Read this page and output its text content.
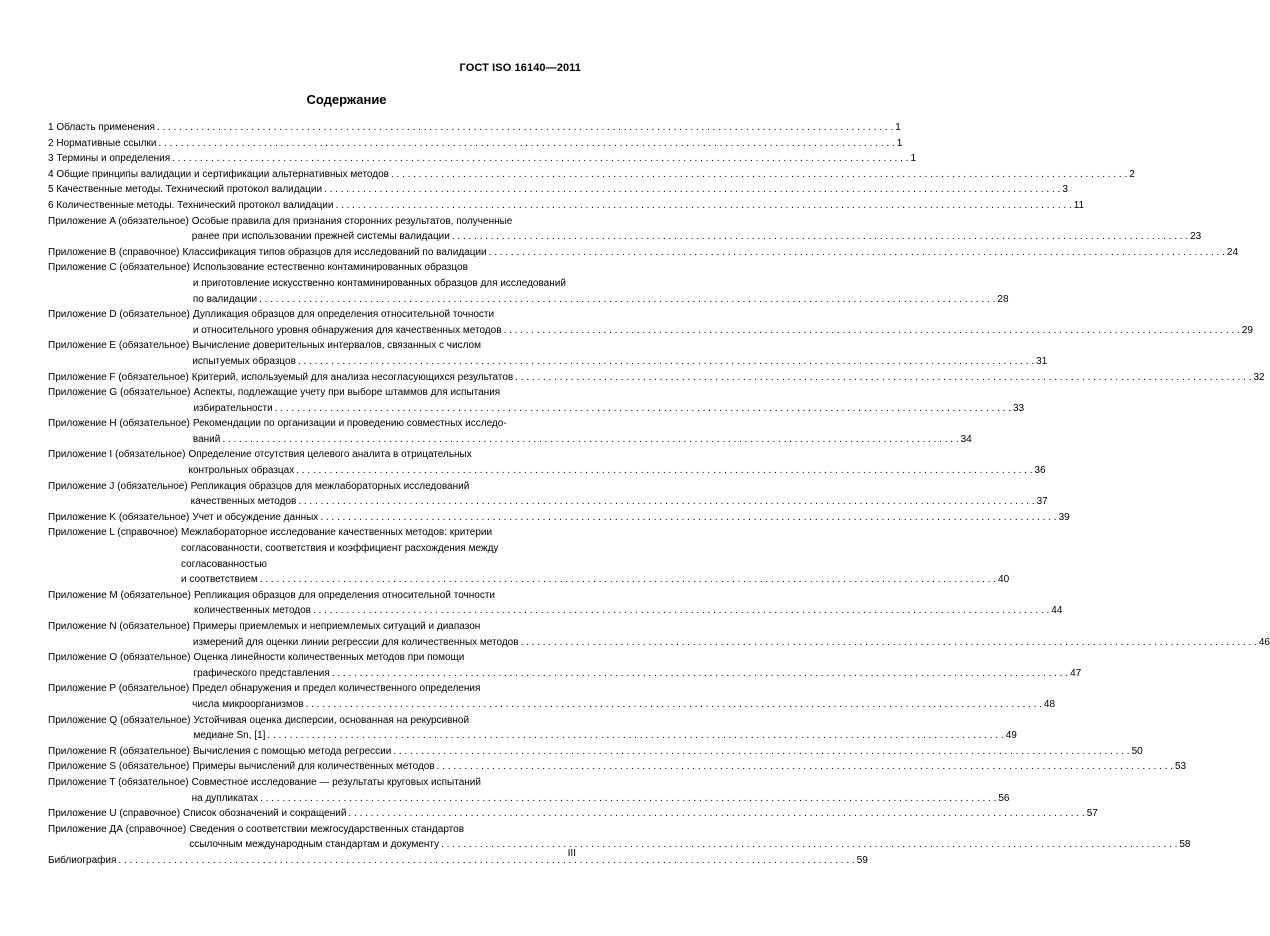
ГОСТ ISO 16140—2011
Содержание
1 Область применения . . .	1
2 Нормативные ссылки . . .	1
3 Термины и определения . . .	1
4 Общие принципы валидации и сертификации альтернативных методов . . .	2
5 Качественные методы. Технический протокол валидации . . .	3
6 Количественные методы. Технический протокол валидации . . .	11
Приложение A (обязательное) Особые правила для признания сторонних результатов, полученные
ранее при использовании прежней системы валидации . . .	23
Приложение B (справочное) Классификация типов образцов для исследований по валидации . . .	24
Приложение C (обязательное) Использование естественно контаминированных образцов
и приготовление искусственно контаминированных образцов для исследований
по валидации . . .	28
Приложение D (обязательное) Дупликация образцов для определения относительной точности
и относительного уровня обнаружения для качественных методов . . .	29
Приложение E (обязательное) Вычисление доверительных интервалов, связанных с числом
испытуемых образцов . . .	31
Приложение F (обязательное) Критерий, используемый для анализа несогласующихся результатов . . .	32
Приложение G (обязательное) Аспекты, подлежащие учету при выборе штаммов для испытания
избирательности . . .	33
Приложение H (обязательное) Рекомендации по организации и проведению совместных исследо-
ваний . . .	34
Приложение I (обязательное) Определение отсутствия целевого аналита в отрицательных
контрольных образцах . . .	36
Приложение J (обязательное) Репликация образцов для межлабораторных исследований
качественных методов . . .	37
Приложение K (обязательное) Учет и обсуждение данных . . .	39
Приложение L (справочное) Межлабораторное исследование качественных методов: критерии
согласованности, соответствия и коэффициент расхождения между согласованностью
и соответствием . . .	40
Приложение M (обязательное) Репликация образцов для определения относительной точности
количественных методов . . .	44
Приложение N (обязательное) Примеры приемлемых и неприемлемых ситуаций и диапазон
измерений для оценки линии регрессии для количественных методов . . .	46
Приложение O (обязательное) Оценка линейности количественных методов при помощи
графического представления . . .	47
Приложение P (обязательное) Предел обнаружения и предел количественного определения
числа микроорганизмов . . .	48
Приложение Q (обязательное) Устойчивая оценка дисперсии, основанная на рекурсивной
медиане Sn, [1] . . .	49
Приложение R (обязательное) Вычисления с помощью метода регрессии . . .	50
Приложение S (обязательное) Примеры вычислений для количественных методов . . .	53
Приложение T (обязательное) Совместное исследование — результаты круговых испытаний
на дупликатах . . .	56
Приложение U (справочное) Список обозначений и сокращений . . .	57
Приложение ДА (справочное) Сведения о соответствии межгосударственных стандартов
ссылочным международным стандартам и документу . . .	58
Библиография . . .	59
III
